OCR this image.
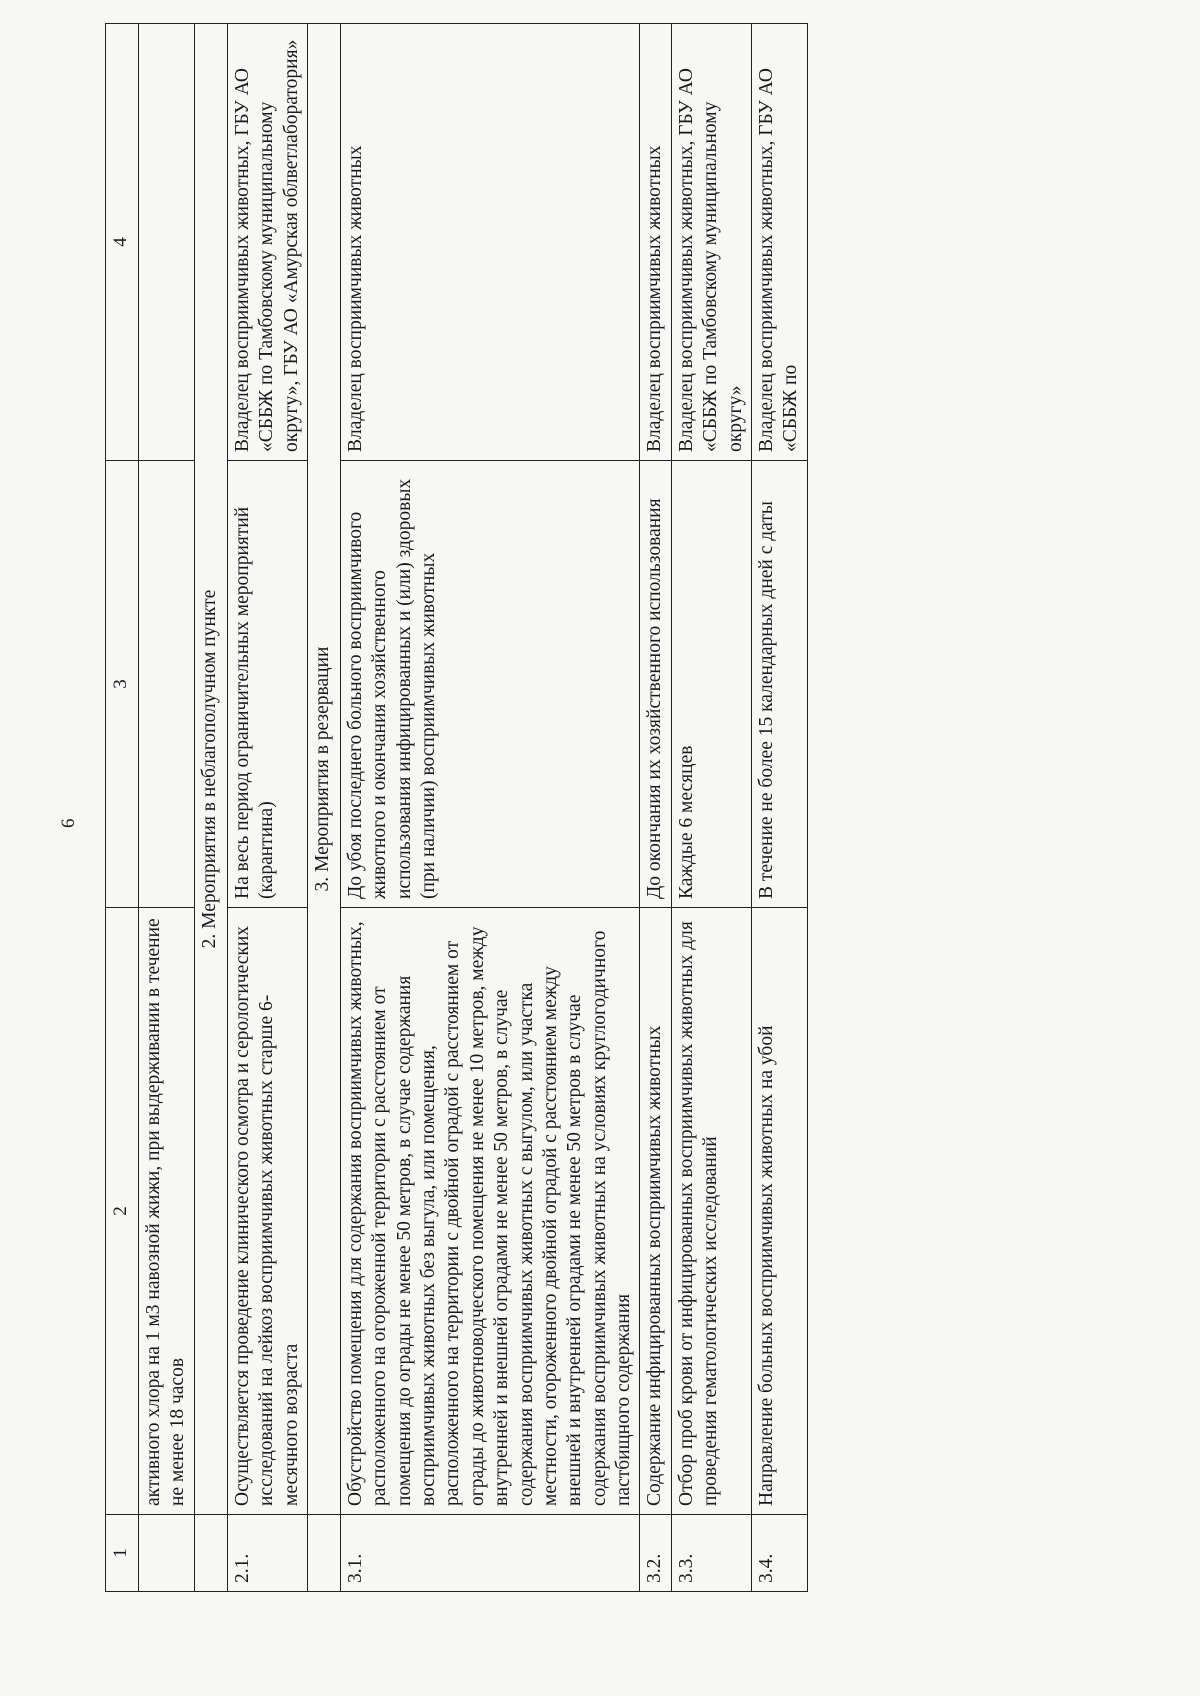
6
1	2	3	4
	активного хлора на 1 м3 навозной жижи, при выдерживании в течение не менее 18 часов		
	2. Мероприятия в неблагополучном пункте		
2.1.	Осуществляется проведение клинического осмотра и серологических исследований на лейкоз восприимчивых животных старше 6-месячного возраста	На весь период ограничительных мероприятий (карантина)	Владелец восприимчивых животных, ГБУ АО «СББЖ по Тамбовскому муниципальному округу», ГБУ АО «Амурская облветлаборатория»
	3. Мероприятия в резервации		
3.1.	Обустройство помещения для содержания восприимчивых животных, расположенного на огороженной территории с расстоянием от помещения до ограды не менее 50 метров, в случае содержания восприимчивых животных без выгула, или помещения, расположенного на территории с двойной оградой с расстоянием от ограды до животноводческого помещения не менее 10 метров, между внутренней и внешней оградами не менее 50 метров, в случае содержания восприимчивых животных с выгулом, или участка местности, огороженного двойной оградой с расстоянием между внешней и внутренней оградами не менее 50 метров в случае содержания восприимчивых животных на условиях круглогодичного пастбищного содержания	До убоя последнего больного восприимчивого животного и окончания хозяйственного использования инфицированных и (или) здоровых (при наличии) восприимчивых животных	Владелец восприимчивых животных
3.2.	Содержание инфицированных восприимчивых животных	До окончания их хозяйственного использования	Владелец восприимчивых животных
3.3.	Отбор проб крови от инфицированных восприимчивых животных для проведения гематологических исследований	Каждые 6 месяцев	Владелец восприимчивых животных, ГБУ АО «СББЖ по Тамбовскому муниципальному округу»
3.4.	Направление больных восприимчивых животных на убой	В течение не более 15 календарных дней с даты	Владелец восприимчивых животных, ГБУ АО «СББЖ по
